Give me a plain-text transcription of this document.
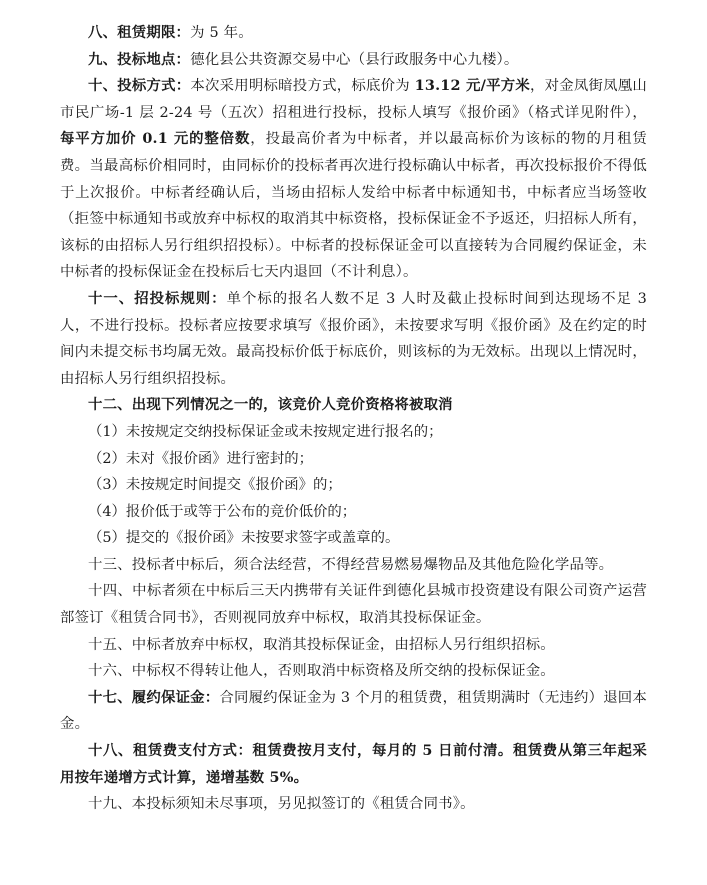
八、租赁期限：为 5 年。

九、投标地点：德化县公共资源交易中心（县行政服务中心九楼）。

十、投标方式：本次采用明标暗投方式，标底价为 13.12 元/平方米，对金凤街凤凰山市民广场-1 层 2-24 号（五次）招租进行投标，投标人填写《报价函》（格式详见附件），每平方加价 0.1 元的整倍数，投最高价者为中标者，并以最高标价为该标的物的月租赁费。当最高标价相同时，由同标价的投标者再次进行投标确认中标者，再次投标报价不得低于上次报价。中标者经确认后，当场由招标人发给中标者中标通知书，中标者应当场签收（拒签中标通知书或放弃中标权的取消其中标资格，投标保证金不予返还，归招标人所有，该标的由招标人另行组织招投标）。中标者的投标保证金可以直接转为合同履约保证金，未中标者的投标保证金在投标后七天内退回（不计利息）。

十一、招投标规则：单个标的报名人数不足 3 人时及截止投标时间到达现场不足 3 人，不进行投标。投标者应按要求填写《报价函》，未按要求写明《报价函》及在约定的时间内未提交标书均属无效。最高投标价低于标底价，则该标的为无效标。出现以上情况时，由招标人另行组织招投标。

十二、出现下列情况之一的，该竞价人竞价资格将被取消

（1）未按规定交纳投标保证金或未按规定进行报名的；

（2）未对《报价函》进行密封的；

（3）未按规定时间提交《报价函》的；

（4）报价低于或等于公布的竞价低价的；

（5）提交的《报价函》未按要求签字或盖章的。

十三、投标者中标后，须合法经营，不得经营易燃易爆物品及其他危险化学品等。

十四、中标者须在中标后三天内携带有关证件到德化县城市投资建设有限公司资产运营部签订《租赁合同书》，否则视同放弃中标权，取消其投标保证金。

十五、中标者放弃中标权，取消其投标保证金，由招标人另行组织招标。

十六、中标权不得转让他人，否则取消中标资格及所交纳的投标保证金。

十七、履约保证金：合同履约保证金为 3 个月的租赁费，租赁期满时（无违约）退回本金。

十八、租赁费支付方式：租赁费按月支付，每月的 5 日前付清。租赁费从第三年起采用按年递增方式计算，递增基数 5%。

十九、本投标须知未尽事项，另见拟签订的《租赁合同书》。
